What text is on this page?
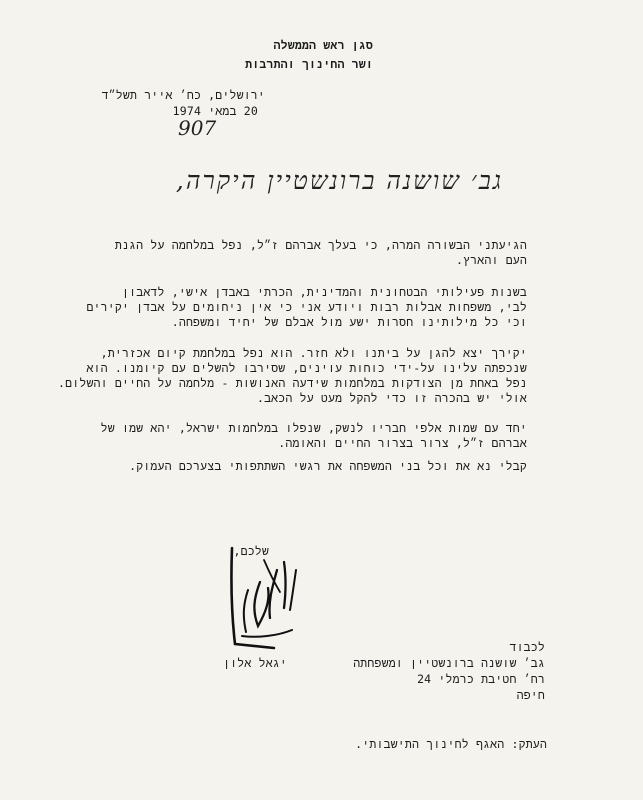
סגן ראש הממשלה
ושר החינוך והתרבות
ירושלים, כח׳ אייר תשל״ד
20 במאי 1974
907
גב׳ שושנה ברונשטיין היקרה,
הגיעתני הבשורה המרה, כי בעלך אברהם ז״ל, נפל במלחמה על הגנת
העם והארץ.
בשנות פעילותי הבטחונית והמדינית, הכרתי באבדן אישי, לדאבון
לבי, משפחות אבלות רבות ויודע אני כי אין ניחומים על אבדן יקירים
וכי כל מילותינו חסרות ישע מול אבלם של יחיד ומשפחה.
יקירך יצא להגן על ביתנו ולא חזר. הוא נפל במלחמת קיום אכזרית,
שנכפתה עלינו על-ידי כוחות עוינים, שסירבו להשלים עם קיומנו. הוא
נפל באחת מן הצודקות במלחמות שידעה האנושות - מלחמה על החיים והשלום.
אולי יש בהכרה זו כדי להקל מעט על הכאב.
יחד עם שמות אלפי חבריו לנשק, שנפלו במלחמות ישראל, יהא שמו של
אברהם ז״ל, צרור בצרור החיים והאומה.
קבלי נא את וכל בני המשפחה את רגשי השתתפותי בצערכם העמוק.
שלכם,
יגאל אלון
לכבוד
גב׳ שושנה ברונשטיין ומשפחתה
רח׳ חטיבת כרמלי 24
חיפה
העתק: האגף לחינוך התישבותי.
